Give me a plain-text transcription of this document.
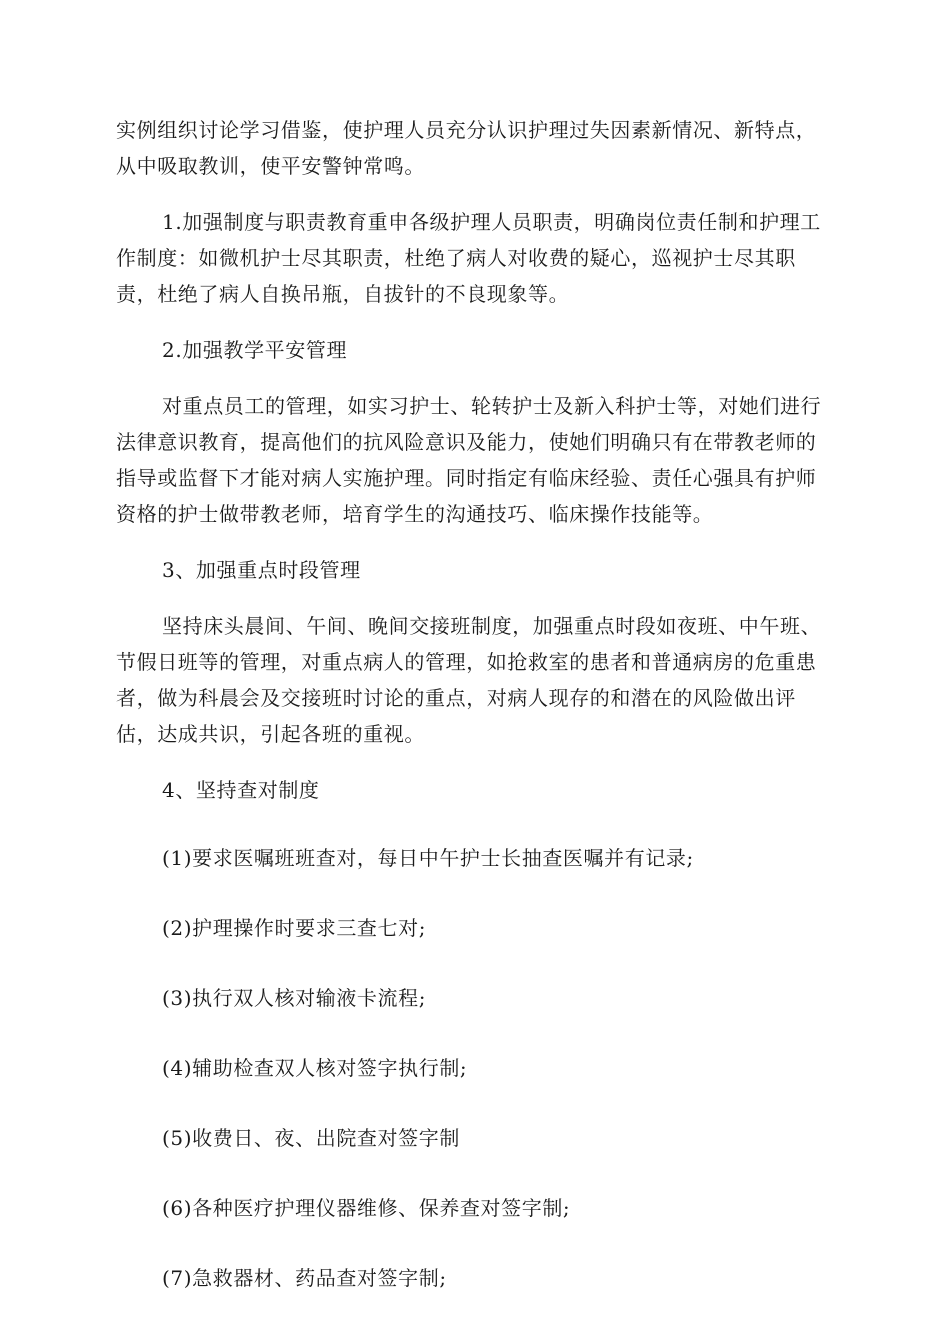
实例组织讨论学习借鉴，使护理人员充分认识护理过失因素新情况、新特点，从中吸取教训，使平安警钟常鸣。

1.加强制度与职责教育重申各级护理人员职责，明确岗位责任制和护理工作制度：如微机护士尽其职责，杜绝了病人对收费的疑心，巡视护士尽其职责，杜绝了病人自换吊瓶，自拔针的不良现象等。

2.加强教学平安管理

对重点员工的管理，如实习护士、轮转护士及新入科护士等，对她们进行法律意识教育，提高他们的抗风险意识及能力，使她们明确只有在带教老师的指导或监督下才能对病人实施护理。同时指定有临床经验、责任心强具有护师资格的护士做带教老师，培育学生的沟通技巧、临床操作技能等。

3、加强重点时段管理

坚持床头晨间、午间、晚间交接班制度，加强重点时段如夜班、中午班、节假日班等的管理，对重点病人的管理，如抢救室的患者和普通病房的危重患者，做为科晨会及交接班时讨论的重点，对病人现存的和潜在的风险做出评估，达成共识，引起各班的重视。

4、坚持查对制度

(1)要求医嘱班班查对，每日中午护士长抽查医嘱并有记录;

(2)护理操作时要求三查七对;

(3)执行双人核对输液卡流程;

(4)辅助检查双人核对签字执行制;

(5)收费日、夜、出院查对签字制

(6)各种医疗护理仪器维修、保养查对签字制;

(7)急救器材、药品查对签字制;
